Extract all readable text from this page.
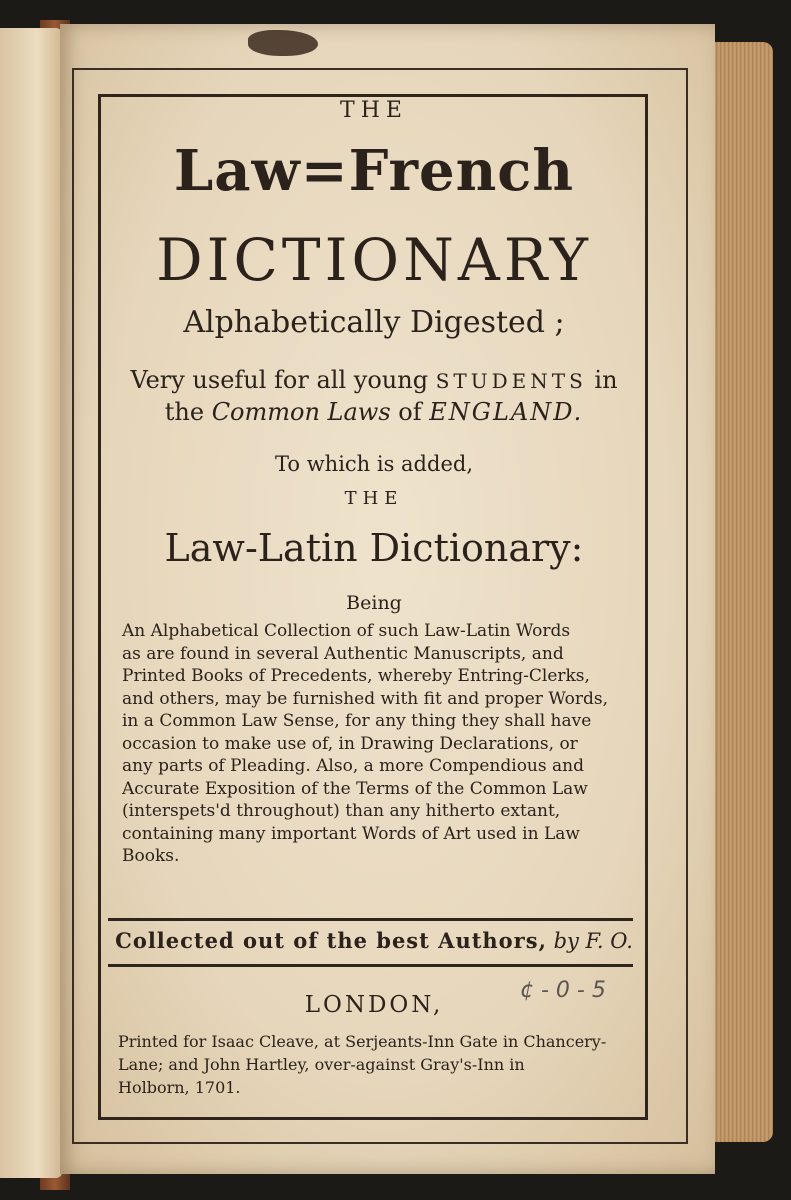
THE
Law=French
DICTIONARY
Alphabetically Digested ;
Very useful for all young STUDENTS in
the Common Laws of ENGLAND.
To which is added,
THE
Law-Latin Dictionary:
Being
An Alphabetical Collection of such Law-Latin Words
as are found in several Authentic Manuscripts, and
Printed Books of Precedents, whereby Entring-Clerks,
and others, may be furnished with fit and proper Words,
in a Common Law Sense, for any thing they shall have
occasion to make use of, in Drawing Declarations, or
any parts of Pleading. Also, a more Compendious and
Accurate Exposition of the Terms of the Common Law
(interspets'd throughout) than any hitherto extant,
containing many important Words of Art used in Law
Books.
Collected out of the best Authors, by F. O.
LONDON,
¢ - 0 - 5
Printed for Isaac Cleave, at Serjeants-Inn Gate in Chancery-
Lane; and John Hartley, over-against Gray's-Inn in
Holborn, 1701.
